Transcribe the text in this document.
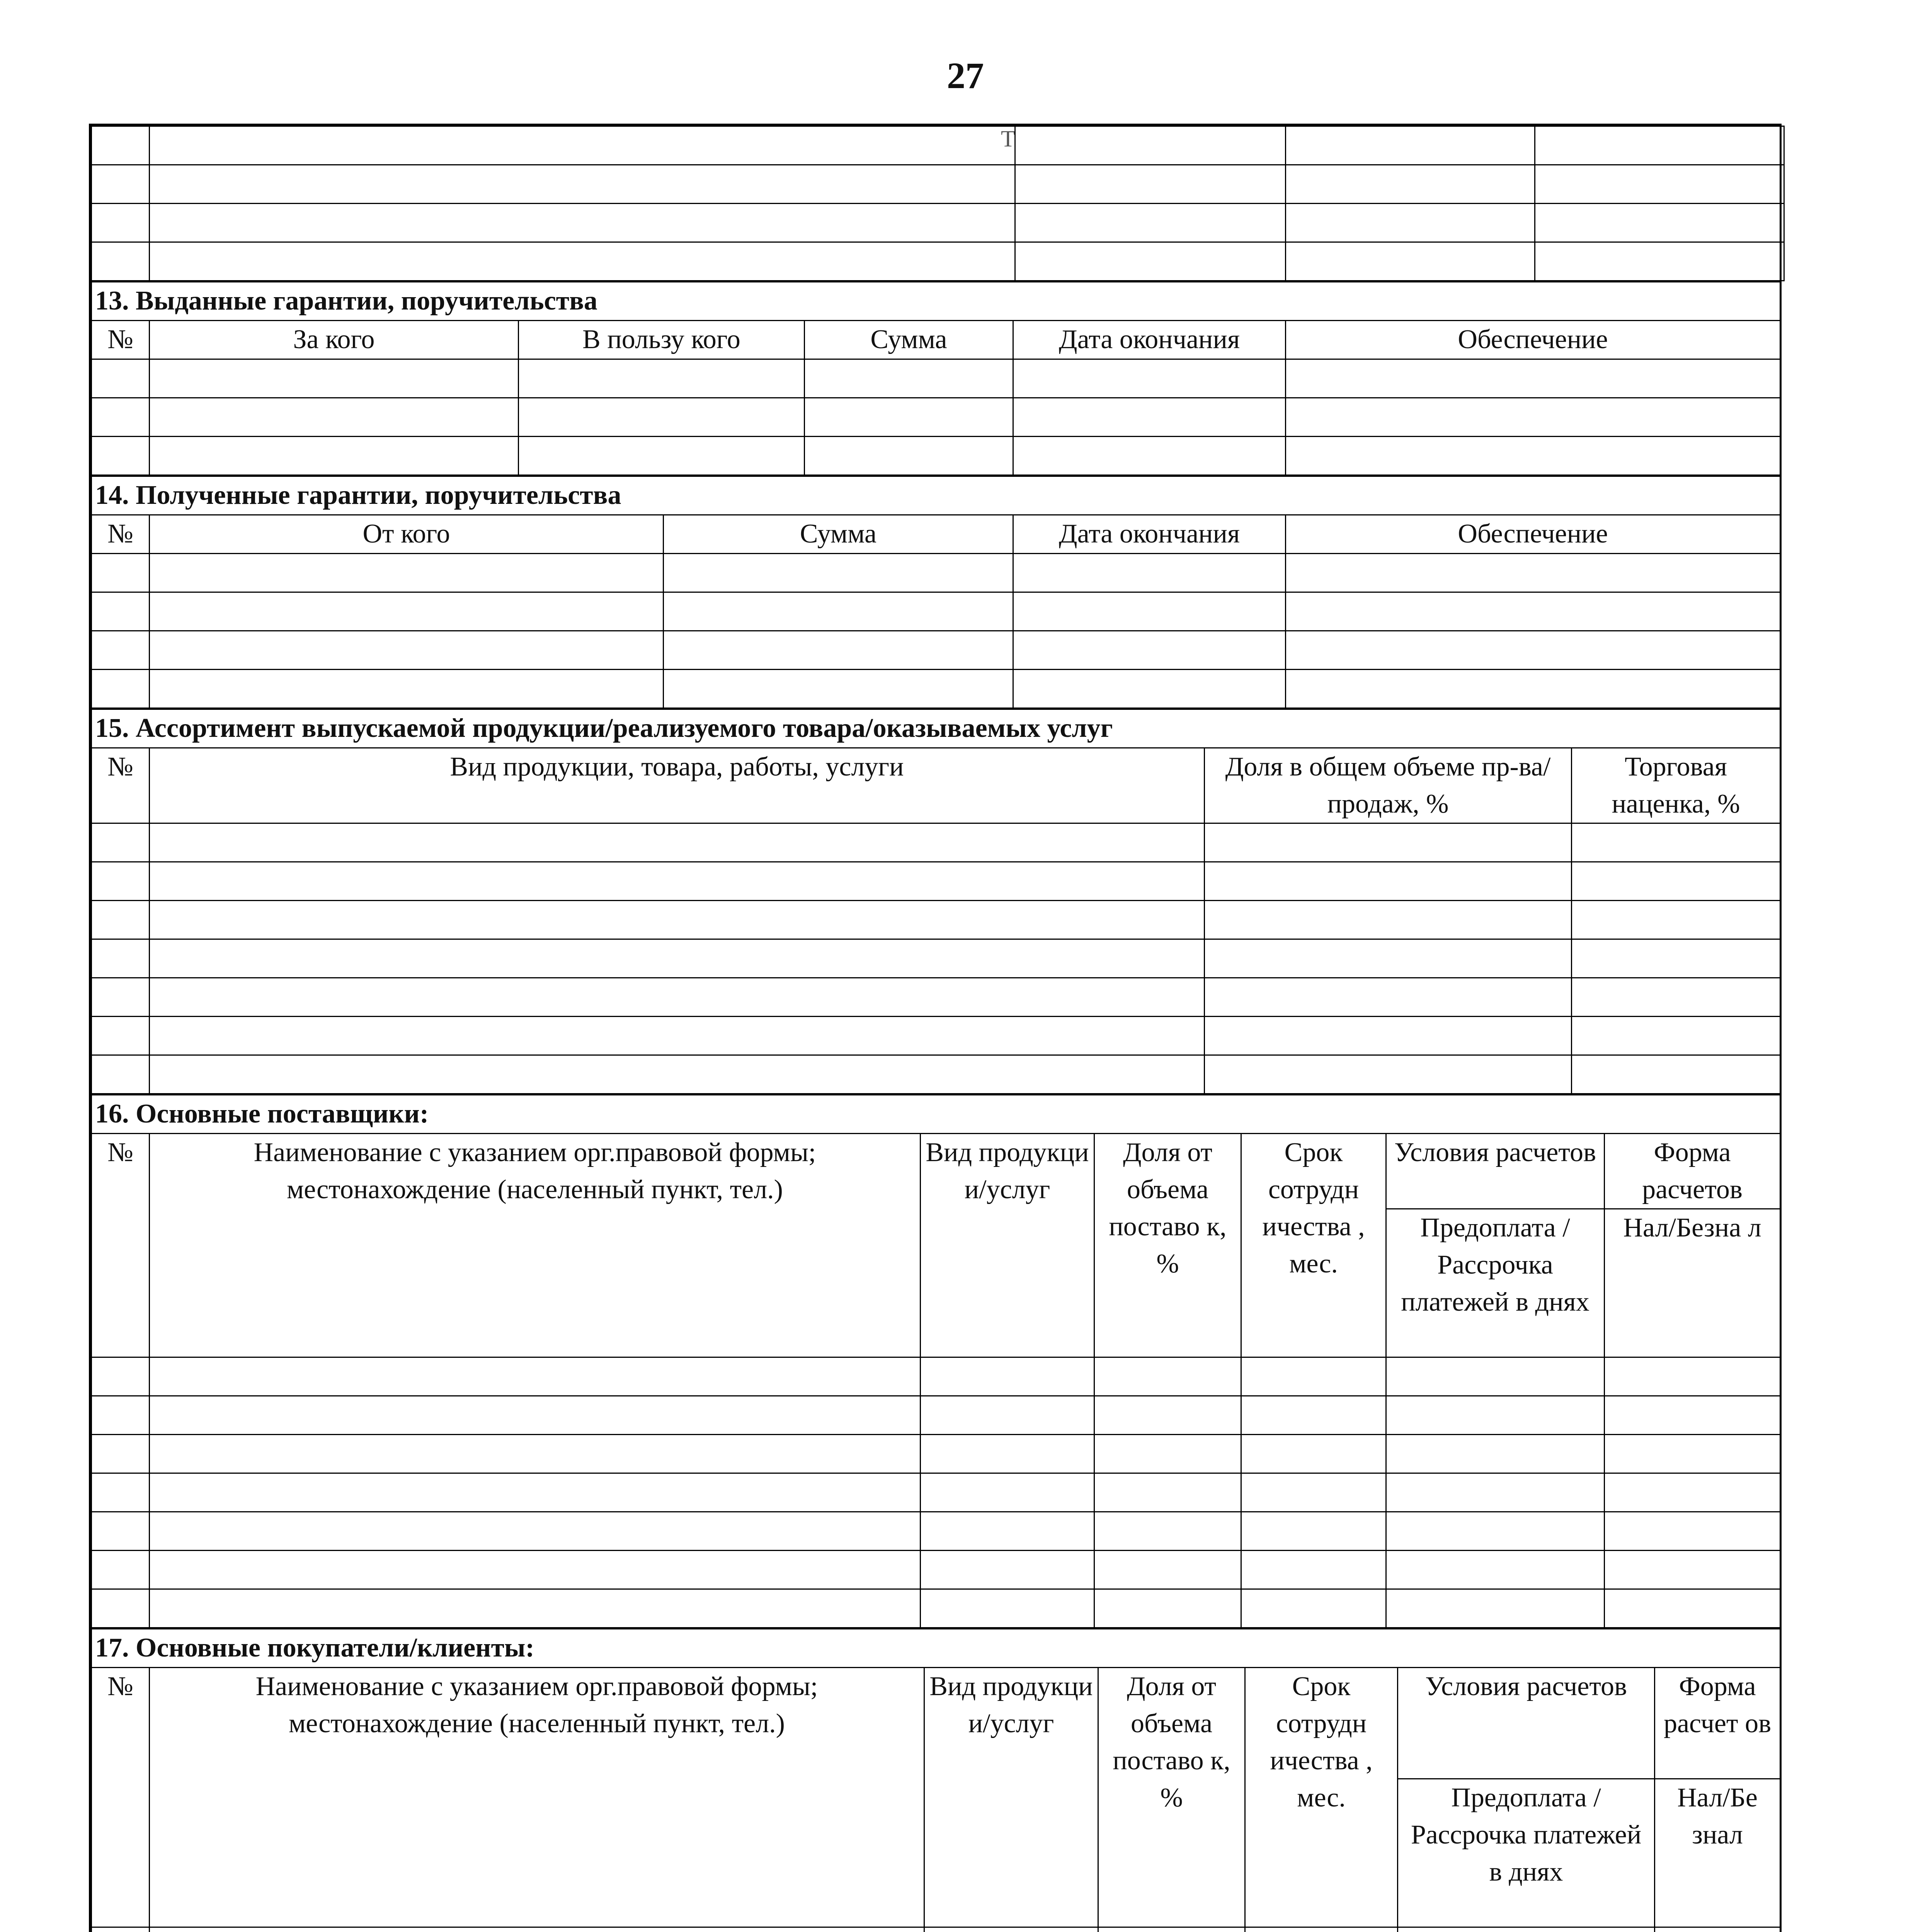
27
T

13. Выданные гарантии, поручительства					
№	За кого	В пользу кого	Сумма	Дата окончания	Обеспечение

14. Полученные гарантии, поручительства				
№	От кого	Сумма	Дата окончания	Обеспечение

15. Ассортимент выпускаемой продукции/реализуемого товара/оказываемых услуг			
№	Вид продукции, товара, работы, услуги	Доля в общем объеме пр-ва/продаж, %	Торговая наценка, %

16. Основные поставщики:						
№	Наименование с указанием орг.правовой формы; местонахождение (населенный пункт, тел.)	Вид продукци и/услуг	Доля от объема поставо к, %	Срок сотрудн ичества , мес.	Условия расчетов	Форма расчетов
					Предоплата / Рассрочка платежей в днях	Нал/Безна л

17. Основные покупатели/клиенты:						
№	Наименование с указанием орг.правовой формы; местонахождение (населенный пункт, тел.)	Вид продукци и/услуг	Доля от объема поставо к, %	Срок сотрудн ичества , мес.	Условия расчетов	Форма расчет ов
					Предоплата / Рассрочка платежей в днях	Нал/Бе знал
